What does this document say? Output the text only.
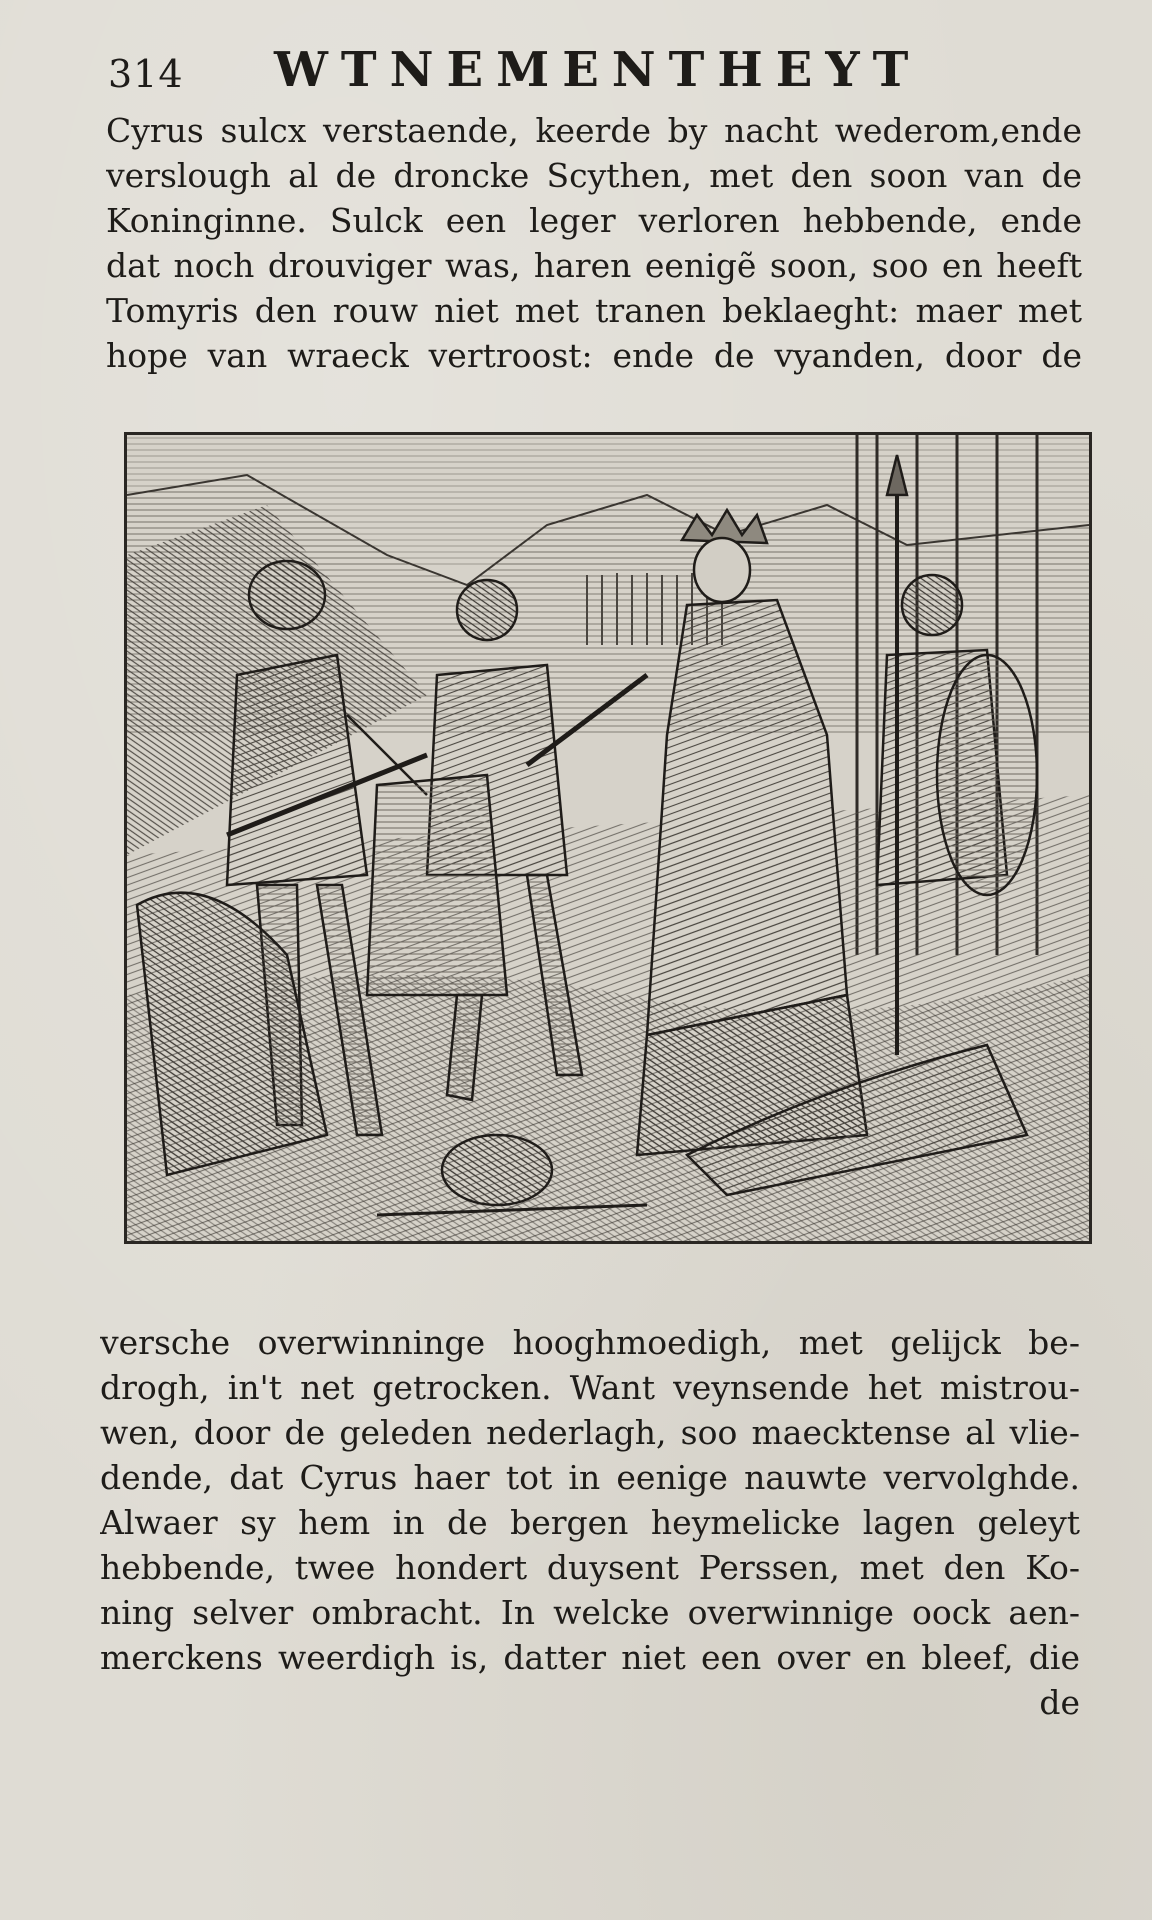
314 WTNEMENTHEYT
Cyrus sulcx verstaende, keerde by nacht wederom,ende
verslough al de droncke Scythen, met den soon van de
Koninginne. Sulck een leger verloren hebbende, ende
dat noch drouviger was, haren eenigẽ soon, soo en heeft
Tomyris den rouw niet met tranen beklaeght: maer met
hope van wraeck vertroost: ende de vyanden, door de
versche overwinninge hooghmoedigh, met gelijck be-
drogh, in't net getrocken. Want veynsende het mistrou-
wen, door de geleden nederlagh, soo maecktense al vlie-
dende, dat Cyrus haer tot in eenige nauwte vervolghde.
Alwaer sy hem in de bergen heymelicke lagen geleyt
hebbende, twee hondert duysent Perssen, met den Ko-
ning selver ombracht. In welcke overwinnige oock aen-
merckens weerdigh is, datter niet een over en bleef, die
de
